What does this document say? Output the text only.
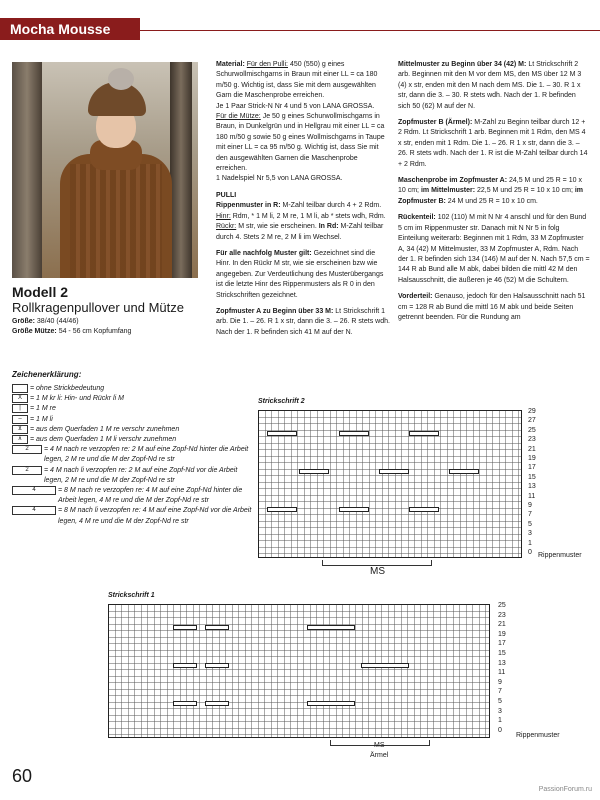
Mocha Mousse
Modell 2
Rollkragenpullover und Mütze
Größe: 38/40 (44/46)
Größe Mütze: 54 - 56 cm Kopfumfang

Material: Für den Pulli: 450 (550) g eines Schurwollmischgarns in Braun mit einer LL = ca 180 m/50 g. Wichtig ist, dass Sie mit dem ausgewählten Garn die Maschenprobe erreichen.
Je 1 Paar Strick-N Nr 4 und 5 von LANA GROSSA.
Für die Mütze: Je 50 g eines Schurwollmischgarns in Braun, in Dunkelgrün und in Hellgrau mit einer LL = ca 180 m/50 g sowie 50 g eines Wollmischgarns in Taupe mit einer LL = ca 95 m/50 g. Wichtig ist, dass Sie mit den ausgewählten Garnen die Maschenprobe erreichen.
1 Nadelspiel Nr 5,5 von LANA GROSSA.

PULLI
Rippenmuster in R: M-Zahl teilbar durch 4 + 2 Rdm.
Hinr: Rdm, * 1 M li, 2 M re, 1 M li, ab * stets wdh, Rdm.
Rückr: M str, wie sie erscheinen. In Rd: M-Zahl teilbar durch 4. Stets 2 M re, 2 M li im Wechsel.

Für alle nachfolg Muster gilt: Gezeichnet sind die Hinr. In den Rückr M str, wie sie erscheinen bzw wie angegeben. Zur Verdeutlichung des Musterübergangs ist die letzte Hinr des Rippenmusters als R 0 in den Strickschriften gezeichnet.

Zopfmuster A zu Beginn über 33 M: Lt Strickschrift 1 arb. Die 1. – 26. R 1 x str, dann die 3. – 26. R stets wdh. Nach der 1. R befinden sich 41 M auf der N.

Mittelmuster zu Beginn über 34 (42) M: Lt Strickschrift 2 arb. Beginnen mit den M vor dem MS, den MS über 12 M 3 (4) x str, enden mit den M nach dem MS. Die 1. – 30. R 1 x str, dann die 3. – 30. R stets wdh. Nach der 1. R befinden sich 50 (62) M auf der N.

Zopfmuster B (Ärmel): M-Zahl zu Beginn teilbar durch 12 + 2 Rdm. Lt Strickschrift 1 arb. Beginnen mit 1 Rdm, den MS 4 x str, enden mit 1 Rdm. Die 1. – 26. R 1 x str, dann die 3. – 26. R stets wdh. Nach der 1. R ist die M-Zahl teilbar durch 14 + 2 Rdm.

Maschenprobe im Zopfmuster A: 24,5 M und 25 R = 10 x 10 cm; im Mittelmuster: 22,5 M und 25 R = 10 x 10 cm; im Zopfmuster B: 24 M und 25 R = 10 x 10 cm.

Rückenteil: 102 (110) M mit N Nr 4 anschl und für den Bund 5 cm im Rippenmuster str. Danach mit N Nr 5 in folg Einteilung weiterarb: Beginnen mit 1 Rdm, 33 M Zopfmuster A, 34 (42) M Mittelmuster, 33 M Zopfmuster A, Rdm. Nach der 1. R befinden sich 134 (146) M auf der N. Nach 57,5 cm = 144 R ab Bund alle M abk, dabei bilden die mittl 42 M den Halsausschnitt, die äußeren je 46 (52) M die Schultern.

Vorderteil: Genauso, jedoch für den Halsausschnitt nach 51 cm = 128 R ab Bund die mittl 16 M abk und beide Seiten getrennt beenden. Für die Rundung am

Zeichenerklärung:
= ohne Strickbedeutung
X	= 1 M kr li: Hin- und Rückr li M
|	= 1 M re
–	= 1 M li
⊻	= aus dem Querfaden 1 M re verschr zunehmen
⊼	= aus dem Querfaden 1 M li verschr zunehmen
2	= 4 M nach re verzopfen re: 2 M auf eine Zopf-Nd hinter die Arbeit legen, 2 M re und die M der Zopf-Nd re str
2	= 4 M nach li verzopfen re: 2 M auf eine Zopf-Nd vor die Arbeit legen, 2 M re und die M der Zopf-Nd re str
4	= 8 M nach re verzopfen re: 4 M auf eine Zopf-Nd hinter die Arbeit legen, 4 M re und die M der Zopf-Nd re str
4	= 8 M nach li verzopfen re: 4 M auf eine Zopf-Nd vor die Arbeit legen, 4 M re und die M der Zopf-Nd re str
Strickschrift 2
29
27
25
23
21
19
17
15
13
11
9
7
5
3
1
0 Rippenmuster
MS
Strickschrift 1
25
23
21
19
17
15
13
11
9
7
5
3
1
0
Rippenmuster
MS
Ärmel
60
PassionForum.ru
